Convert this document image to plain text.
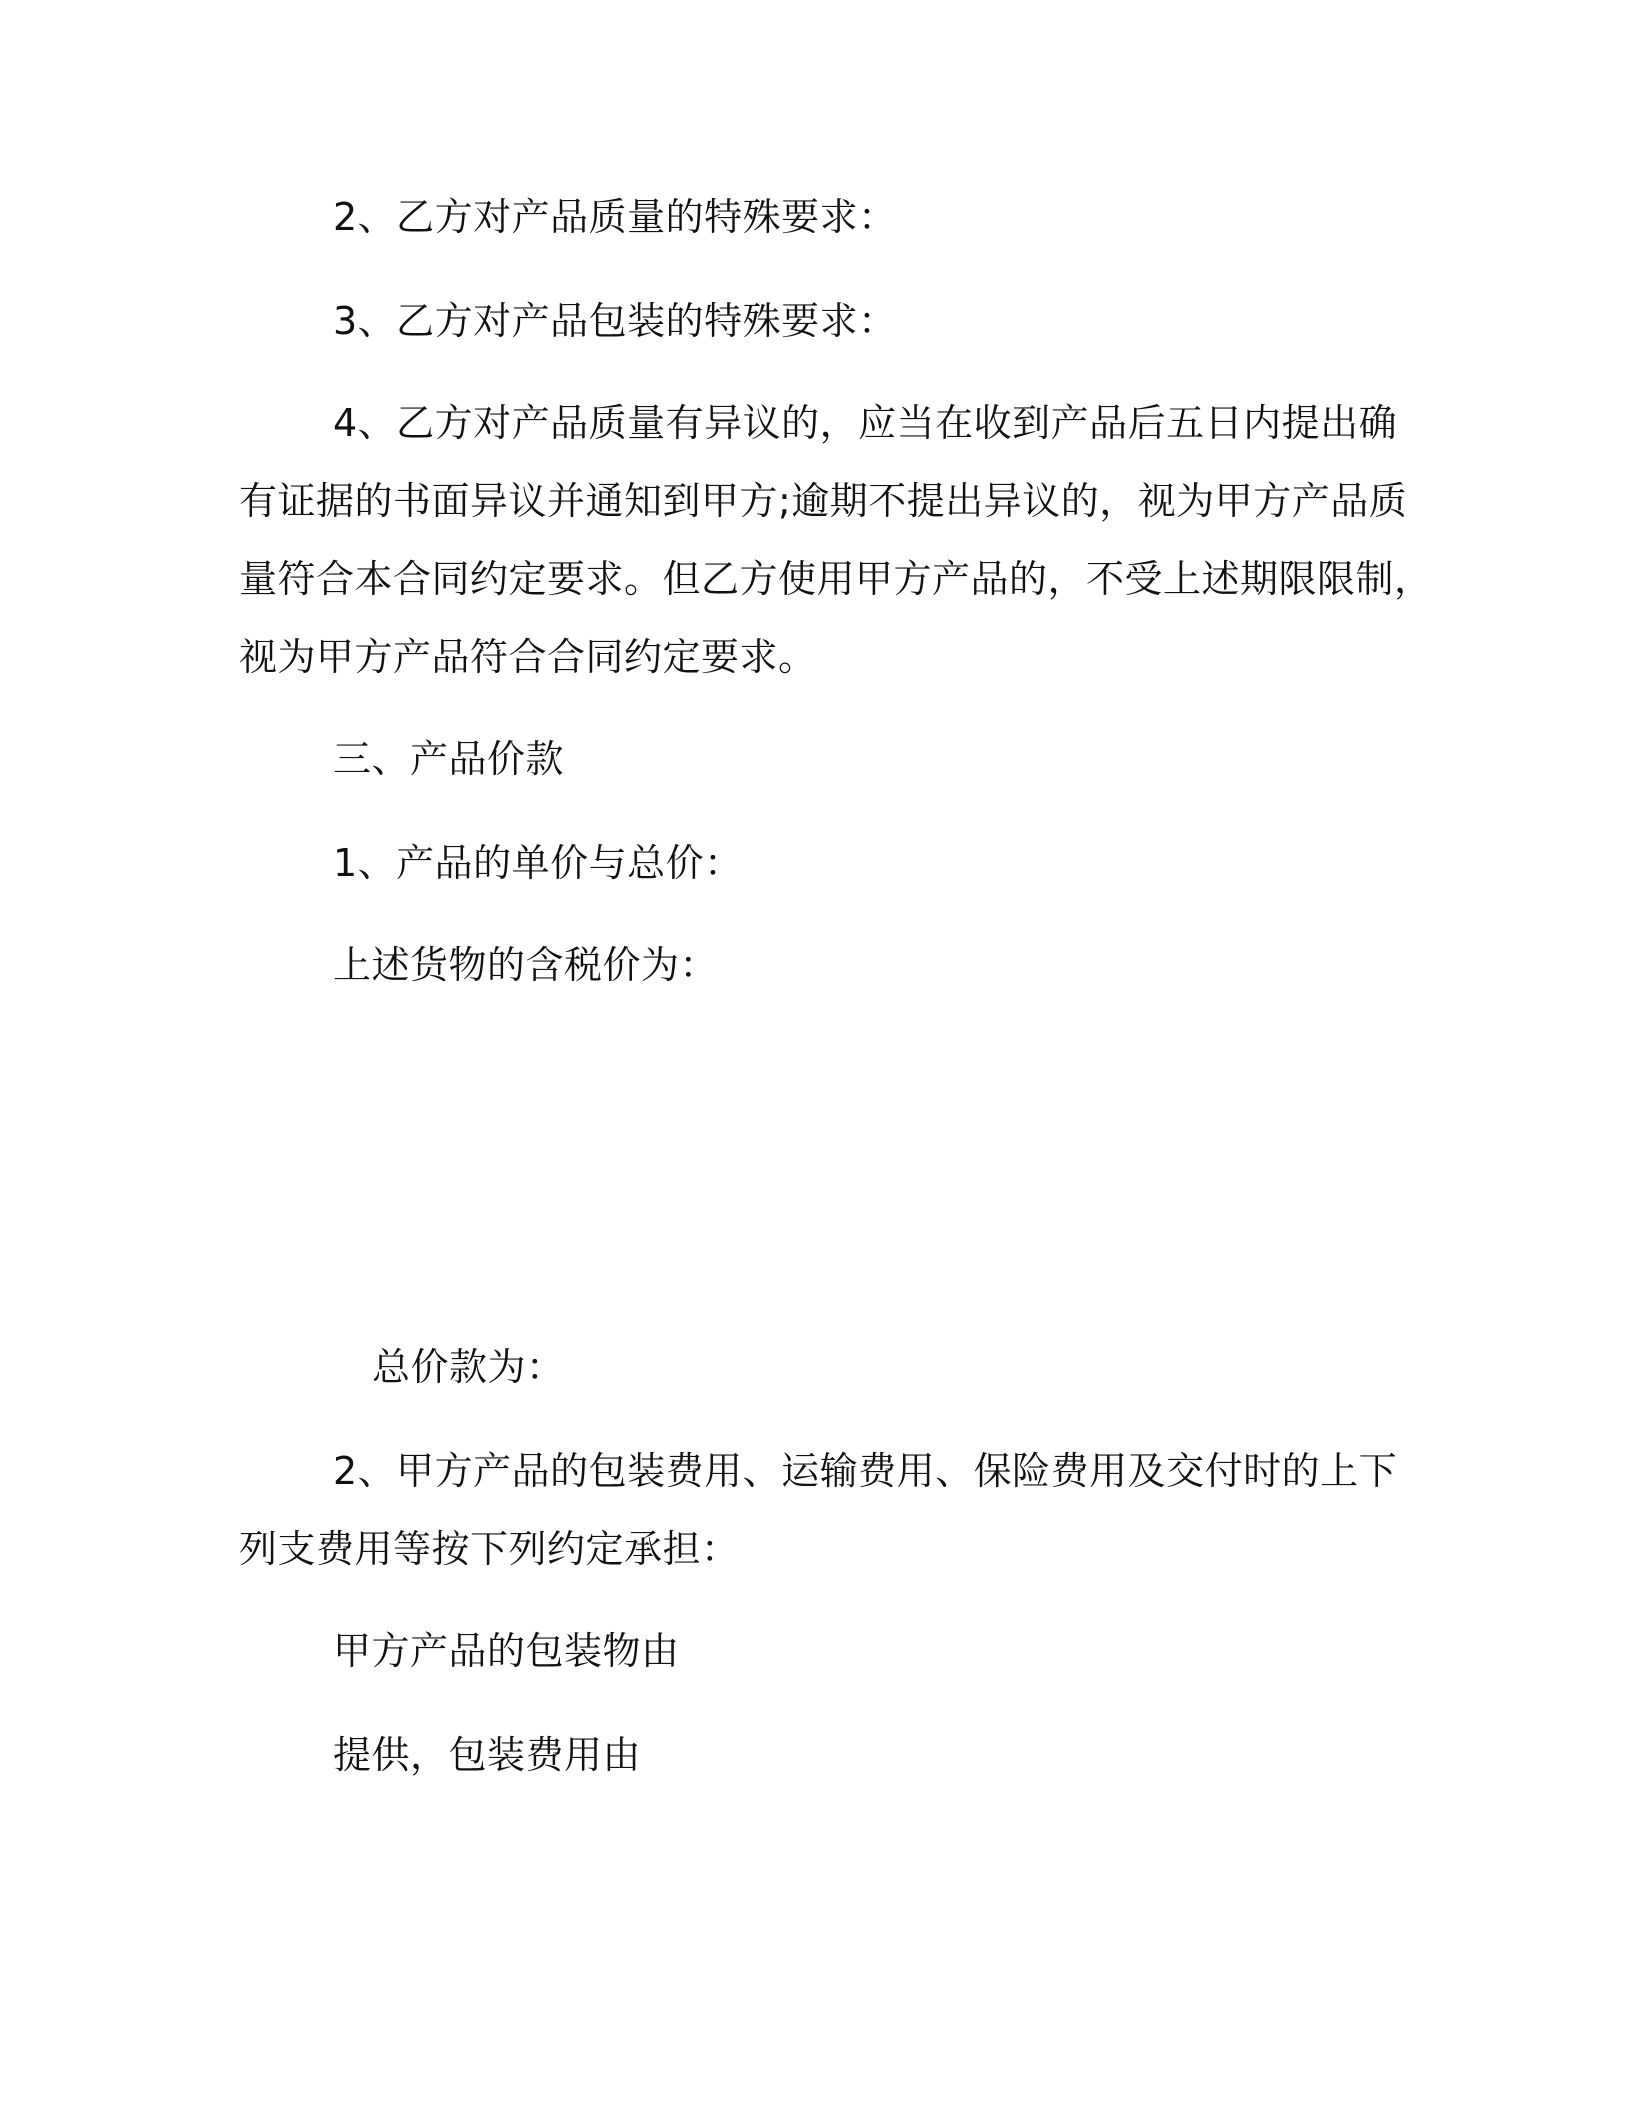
2、乙方对产品质量的特殊要求：
3、乙方对产品包装的特殊要求：
4、乙方对产品质量有异议的，应当在收到产品后五日内提出确
有证据的书面异议并通知到甲方;逾期不提出异议的，视为甲方产品质
量符合本合同约定要求。但乙方使用甲方产品的，不受上述期限限制，
视为甲方产品符合合同约定要求。
三、产品价款
1、产品的单价与总价：
上述货物的含税价为：
总价款为：
2、甲方产品的包装费用、运输费用、保险费用及交付时的上下
列支费用等按下列约定承担：
甲方产品的包装物由
提供，包装费用由
